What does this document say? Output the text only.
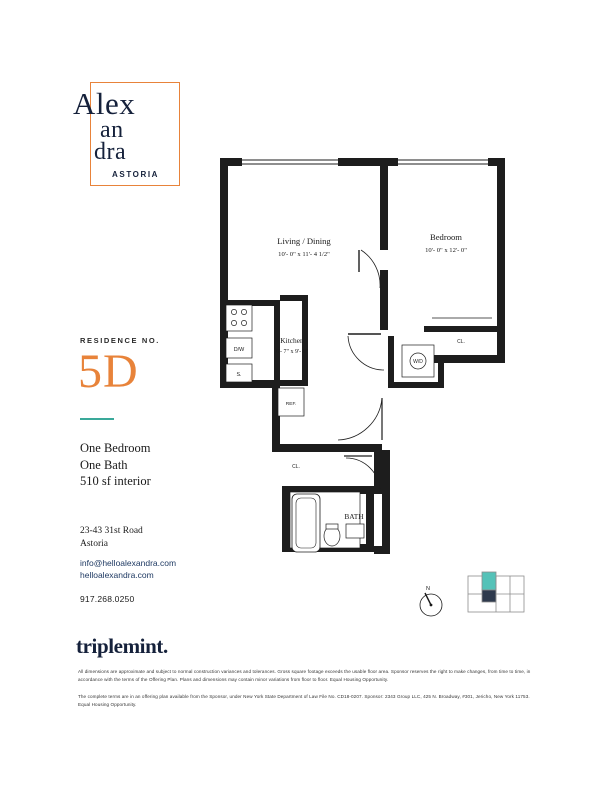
Alex
an
dra
ASTORIA
RESIDENCE NO.
5D
One Bedroom
One Bath
510 sf interior
23-43 31st Road
Astoria
info@helloalexandra.com
helloalexandra.com
917.268.0250
triplemint.

All dimensions are approximate and subject to normal construction variances and tolerances. Gross square footage exceeds the usable floor area. Sponsor reserves the right to make changes, from time to time, in accordance with the terms of the Offering Plan. Plans and dimensions may contain minor variations from floor to floor. Equal Housing Opportunity.

The complete terms are in an offering plan available from the Sponsor, under New York State Department of Law File No. CD18-0207. Sponsor: 2343 Group LLC, 425 N. Broadway, #301, Jericho, New York 11753. Equal Housing Opportunity.

Living / Dining
10'- 0" x 11'- 4 1/2"
Bedroom
10'- 0" x 12'- 0"
Kitchen
6'- 7" x 9'- 0"
BATH
D/W
S.
REF.
W/D
CL.
CL.
N
